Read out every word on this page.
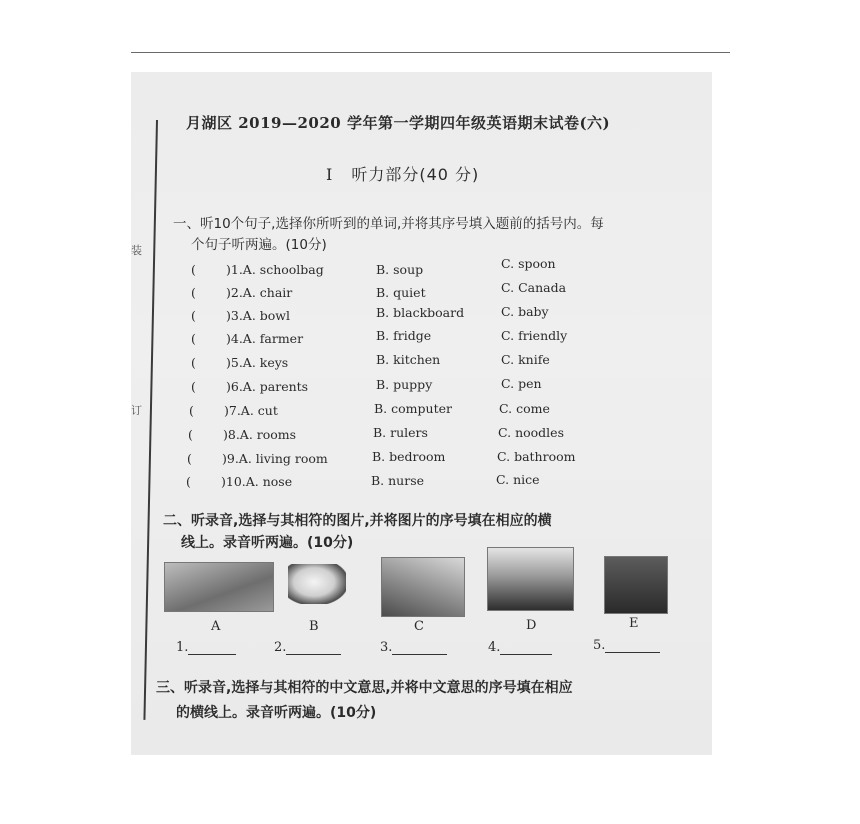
装
订
月湖区 2019—2020 学年第一学期四年级英语期末试卷(六)
I 听力部分(40 分)
一、听10个句子,选择你所听到的单词,并将其序号填入题前的括号内。每
个句子听两遍。(10分)
( )1.A. schoolbag	B. soup	C. spoon
( )2.A. chair	B. quiet	C. Canada
( )3.A. bowl	B. blackboard	C. baby
( )4.A. farmer	B. fridge	C. friendly
( )5.A. keys	B. kitchen	C. knife
( )6.A. parents	B. puppy	C. pen
( )7.A. cut	B. computer	C. come
( )8.A. rooms	B. rulers	C. noodles
( )9.A. living room	B. bedroom	C. bathroom
( )10.A. nose	B. nurse	C. nice
二、听录音,选择与其相符的图片,并将图片的序号填在相应的横
线上。录音听两遍。(10分)
A	B	C	D	E
1.	2.	3.	4.	5.
三、听录音,选择与其相符的中文意思,并将中文意思的序号填在相应
的横线上。录音听两遍。(10分)
